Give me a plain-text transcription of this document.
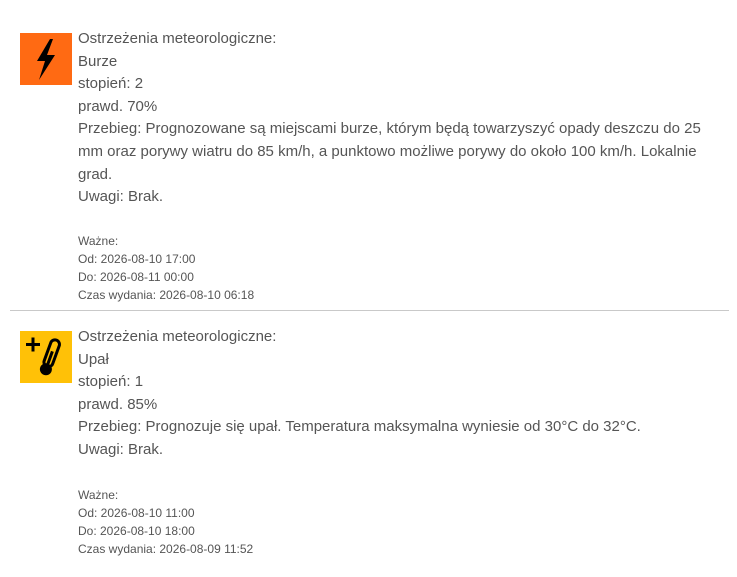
Ostrzeżenia meteorologiczne:

Burze

stopień: 2

prawd. 70%

Przebieg: Prognozowane są miejscami burze, którym będą towarzyszyć opady deszczu do 25 mm oraz porywy wiatru do 85 km/h, a punktowo możliwe porywy do około 100 km/h. Lokalnie grad.

Uwagi: Brak.

Ważne:

Od: 2026-08-10 17:00

Do: 2026-08-11 00:00

Czas wydania: 2026-08-10 06:18

Ostrzeżenia meteorologiczne:

Upał

stopień: 1

prawd. 85%

Przebieg: Prognozuje się upał. Temperatura maksymalna wyniesie od 30°C do 32°C.

Uwagi: Brak.

Ważne:

Od: 2026-08-10 11:00

Do: 2026-08-10 18:00

Czas wydania: 2026-08-09 11:52
